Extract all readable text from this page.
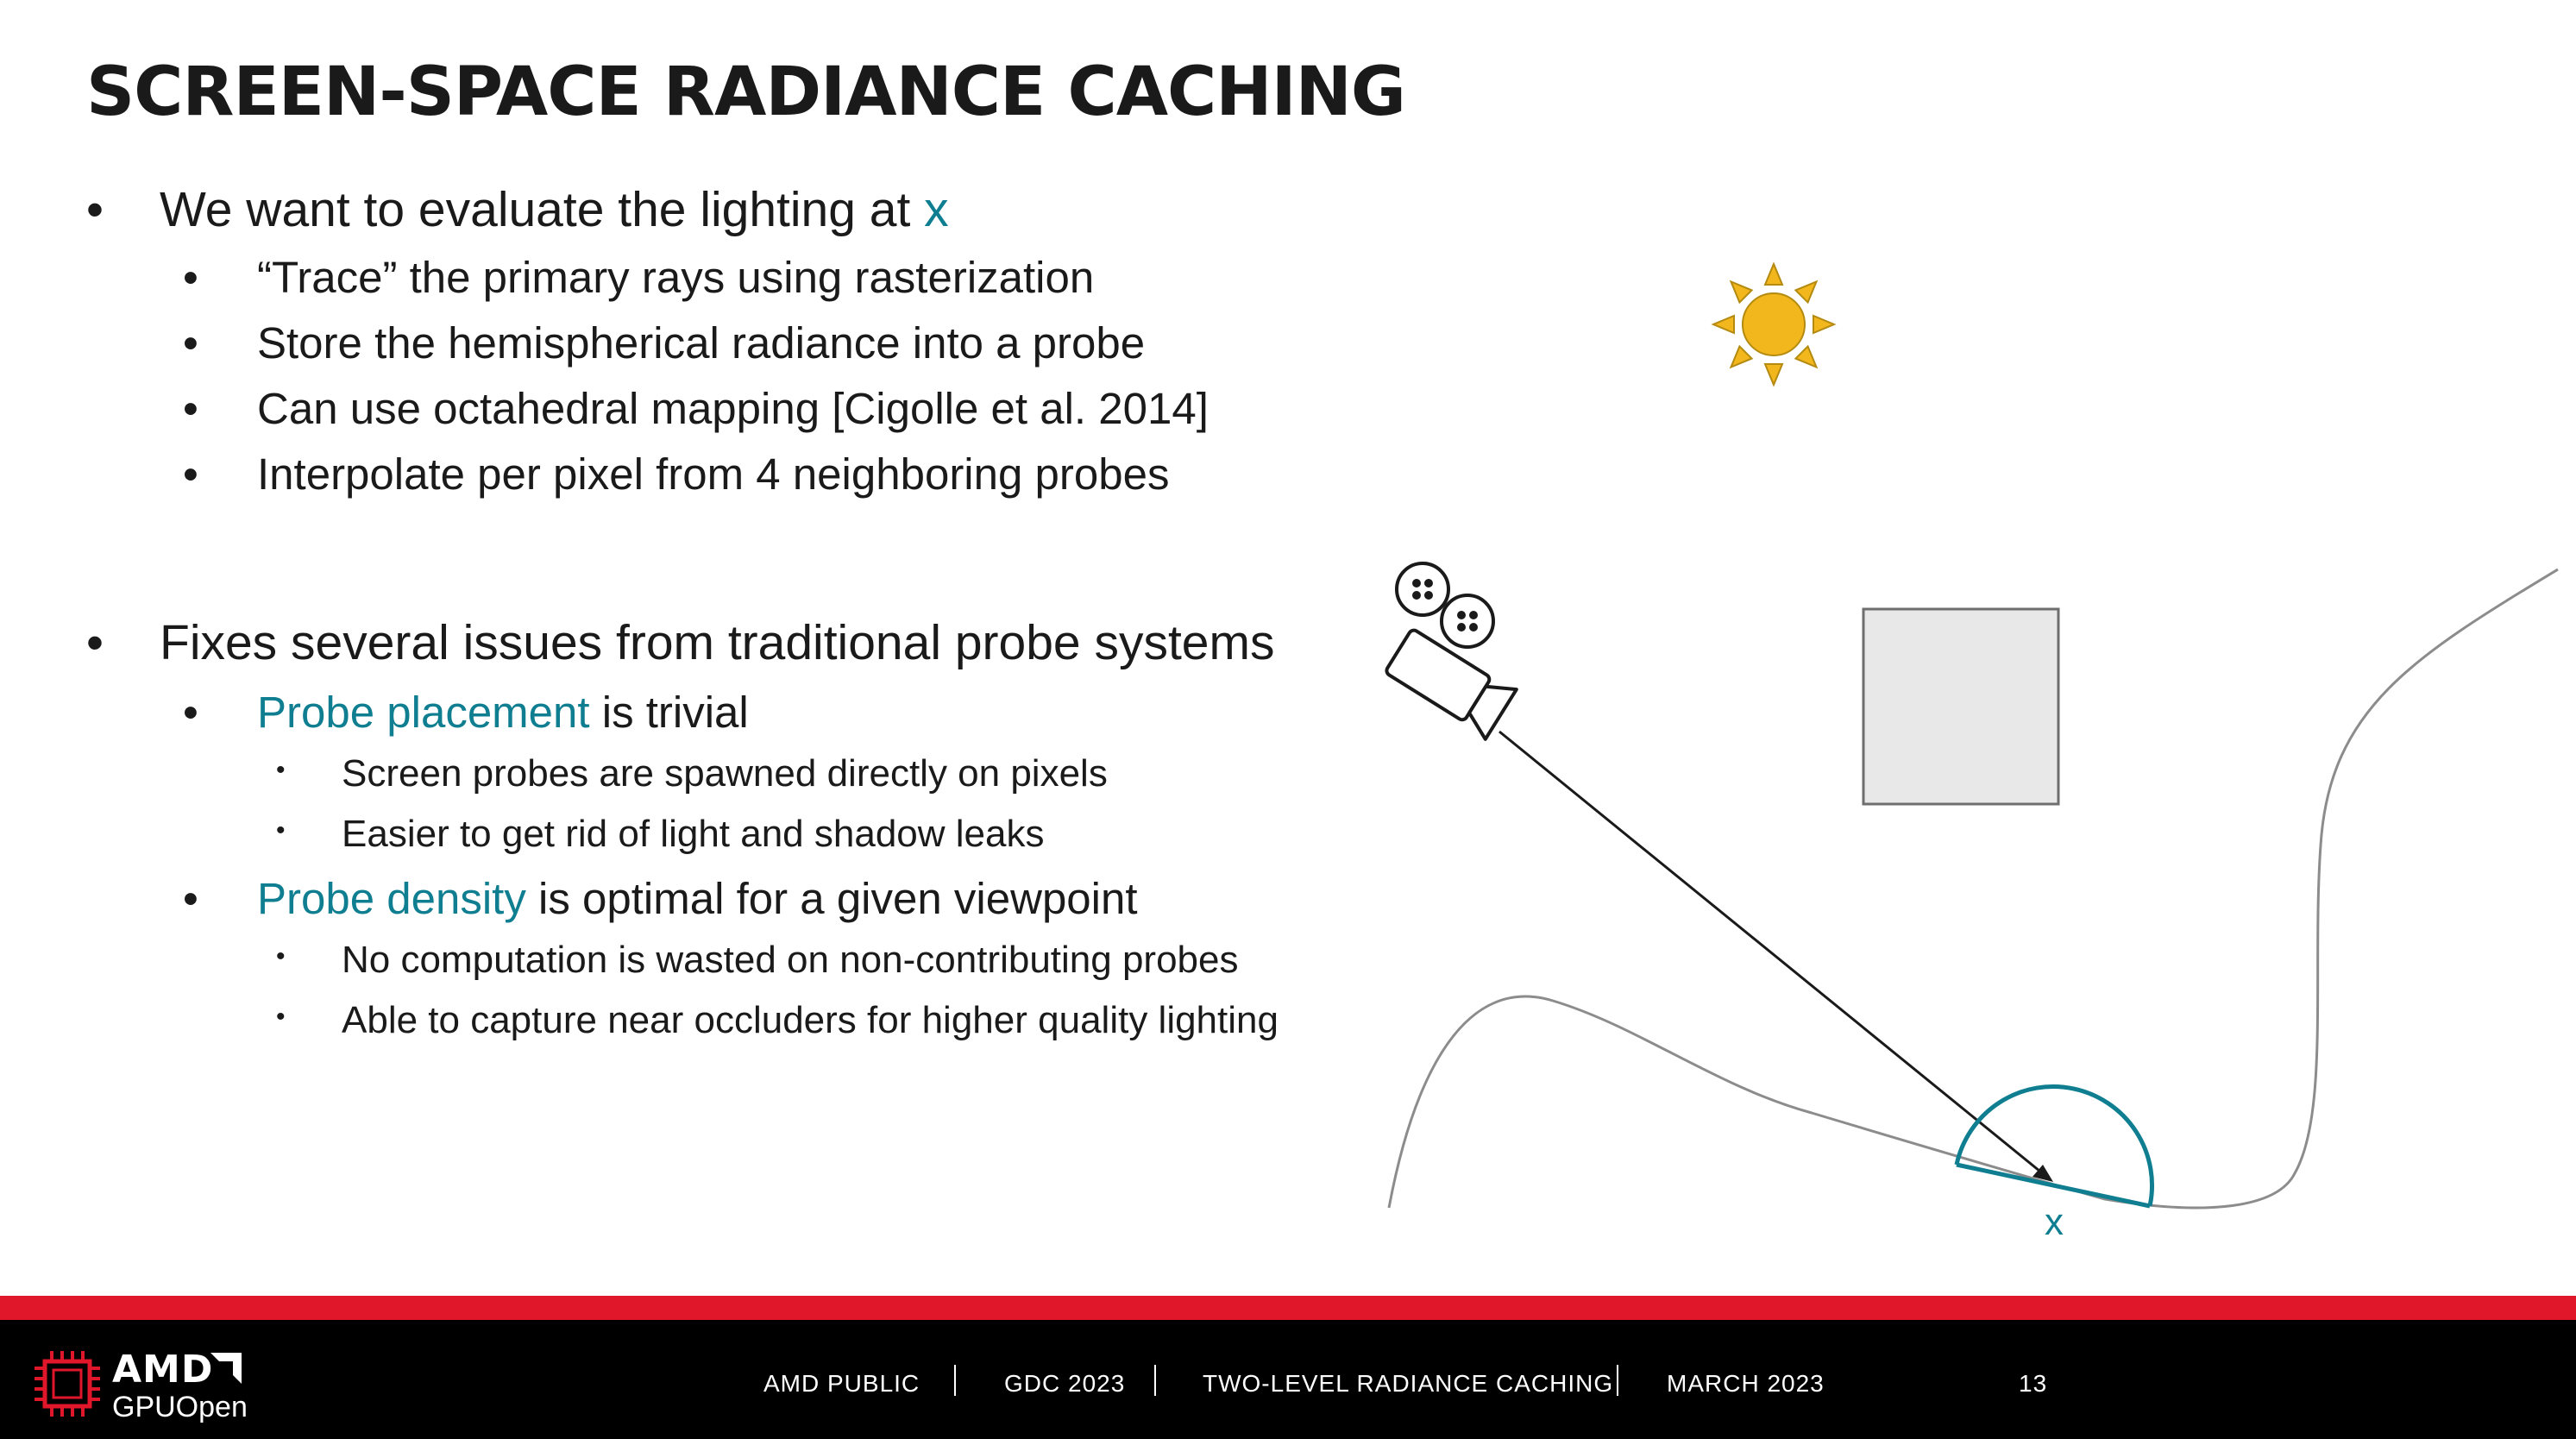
SCREEN-SPACE RADIANCE CACHING
• We want to evaluate the lighting at x
• “Trace” the primary rays using rasterization
• Store the hemispherical radiance into a probe
• Can use octahedral mapping [Cigolle et al. 2014]
• Interpolate per pixel from 4 neighboring probes
• Fixes several issues from traditional probe systems
• Probe placement is trivial
• Screen probes are spawned directly on pixels
• Easier to get rid of light and shadow leaks
• Probe density is optimal for a given viewpoint
• No computation is wasted on non-contributing probes
• Able to capture near occluders for higher quality lighting
x
AMD
GPUOpen
AMD PUBLIC	GDC 2023	TWO-LEVEL RADIANCE CACHING MARCH 2023	13
